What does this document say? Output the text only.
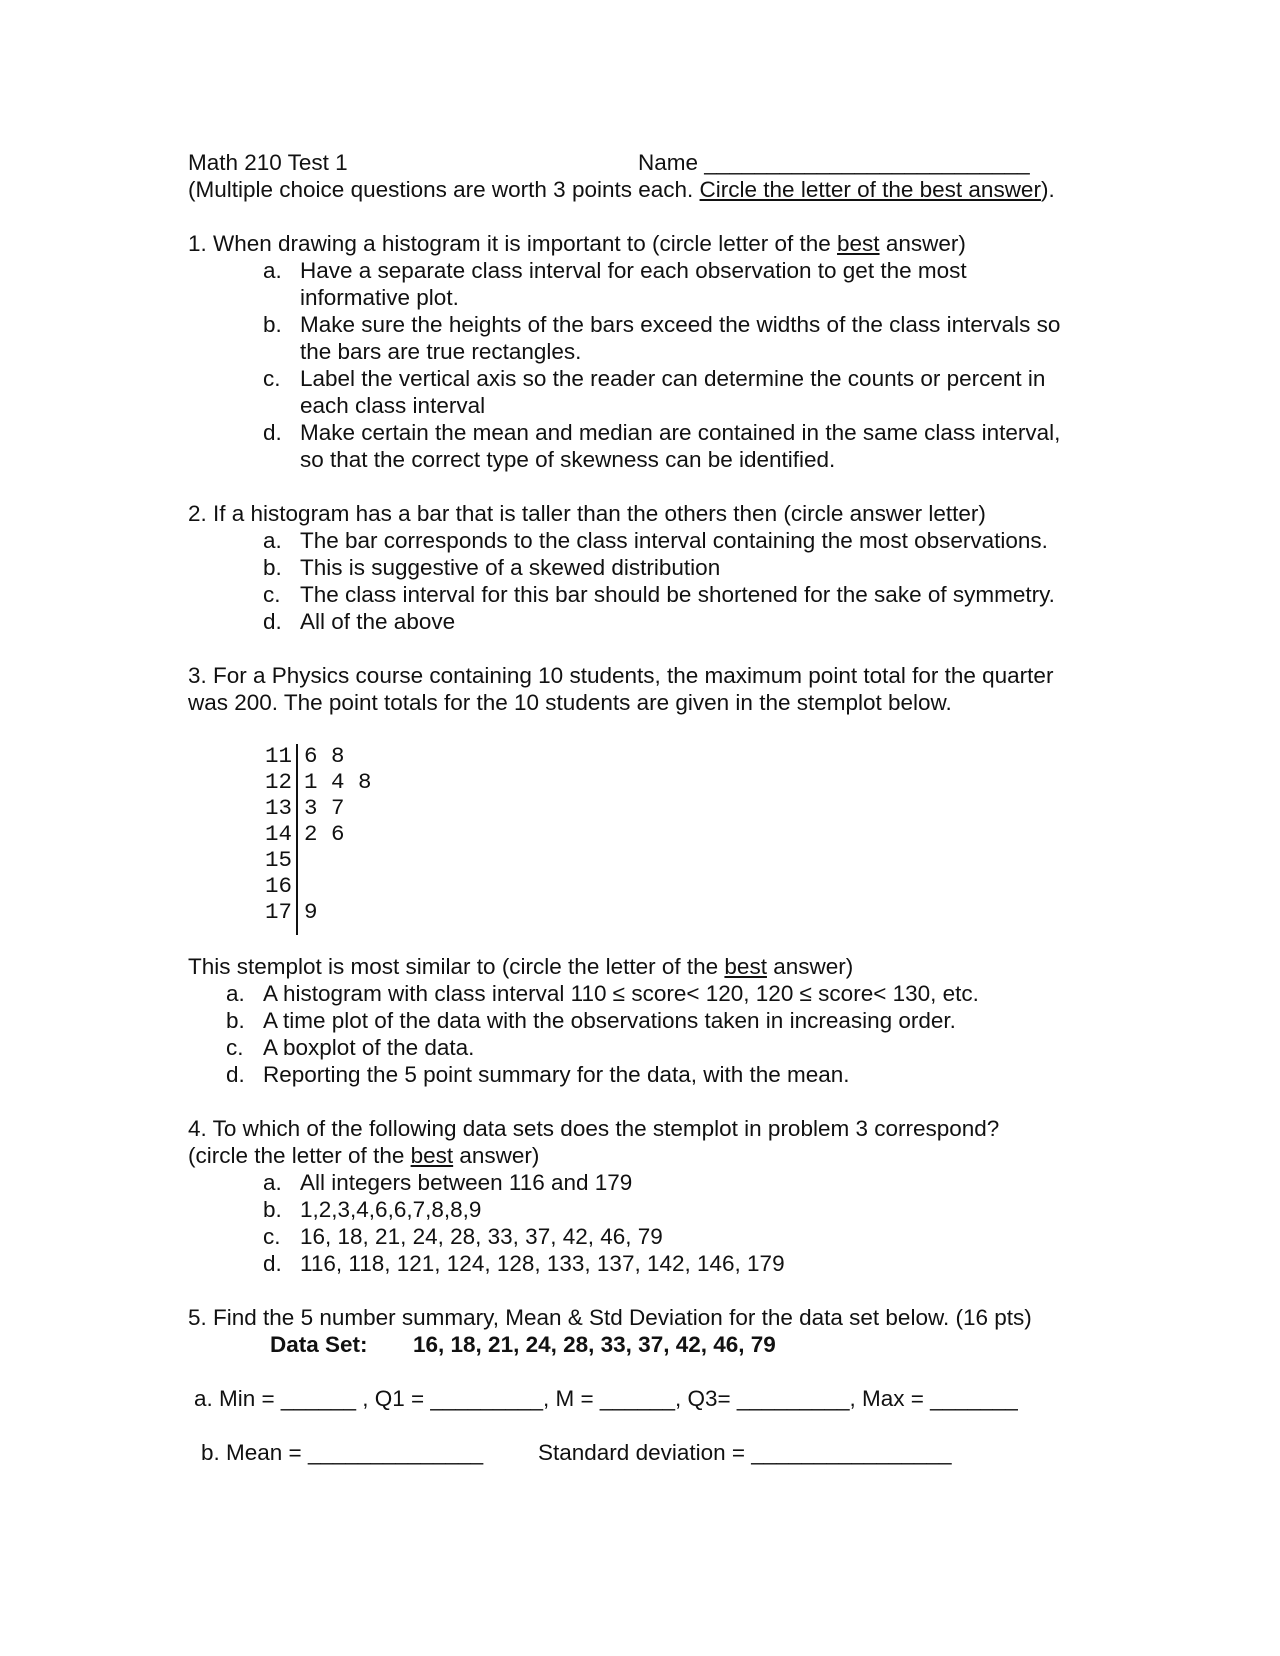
Math 210 Test 1	Name __________________________
(Multiple choice questions are worth 3 points each. Circle the letter of the best answer).
1. When drawing a histogram it is important to (circle letter of the best answer)
a. Have a separate class interval for each observation to get the most
informative plot.
b. Make sure the heights of the bars exceed the widths of the class intervals so
the bars are true rectangles.
c. Label the vertical axis so the reader can determine the counts or percent in
each class interval
d. Make certain the mean and median are contained in the same class interval,
so that the correct type of skewness can be identified.
2. If a histogram has a bar that is taller than the others then (circle answer letter)
a. The bar corresponds to the class interval containing the most observations.
b. This is suggestive of a skewed distribution
c. The class interval for this bar should be shortened for the sake of symmetry.
d. All of the above
3. For a Physics course containing 10 students, the maximum point total for the quarter
was 200. The point totals for the 10 students are given in the stemplot below.
11 6 8
12 1 4 8
13 3 7
14 2 6
15
16
17 9
This stemplot is most similar to (circle the letter of the best answer)
a. A histogram with class interval 110 ≤ score< 120, 120 ≤ score< 130, etc.
b. A time plot of the data with the observations taken in increasing order.
c. A boxplot of the data.
d. Reporting the 5 point summary for the data, with the mean.
4. To which of the following data sets does the stemplot in problem 3 correspond?
(circle the letter of the best answer)
a. All integers between 116 and 179
b. 1,2,3,4,6,6,7,8,8,9
c. 16, 18, 21, 24, 28, 33, 37, 42, 46, 79
d. 116, 118, 121, 124, 128, 133, 137, 142, 146, 179
5. Find the 5 number summary, Mean & Std Deviation for the data set below. (16 pts)
Data Set: 16, 18, 21, 24, 28, 33, 37, 42, 46, 79
a. Min = ______ , Q1 = _________, M = ______, Q3= _________, Max = _______
b. Mean = ______________ Standard deviation = ________________
